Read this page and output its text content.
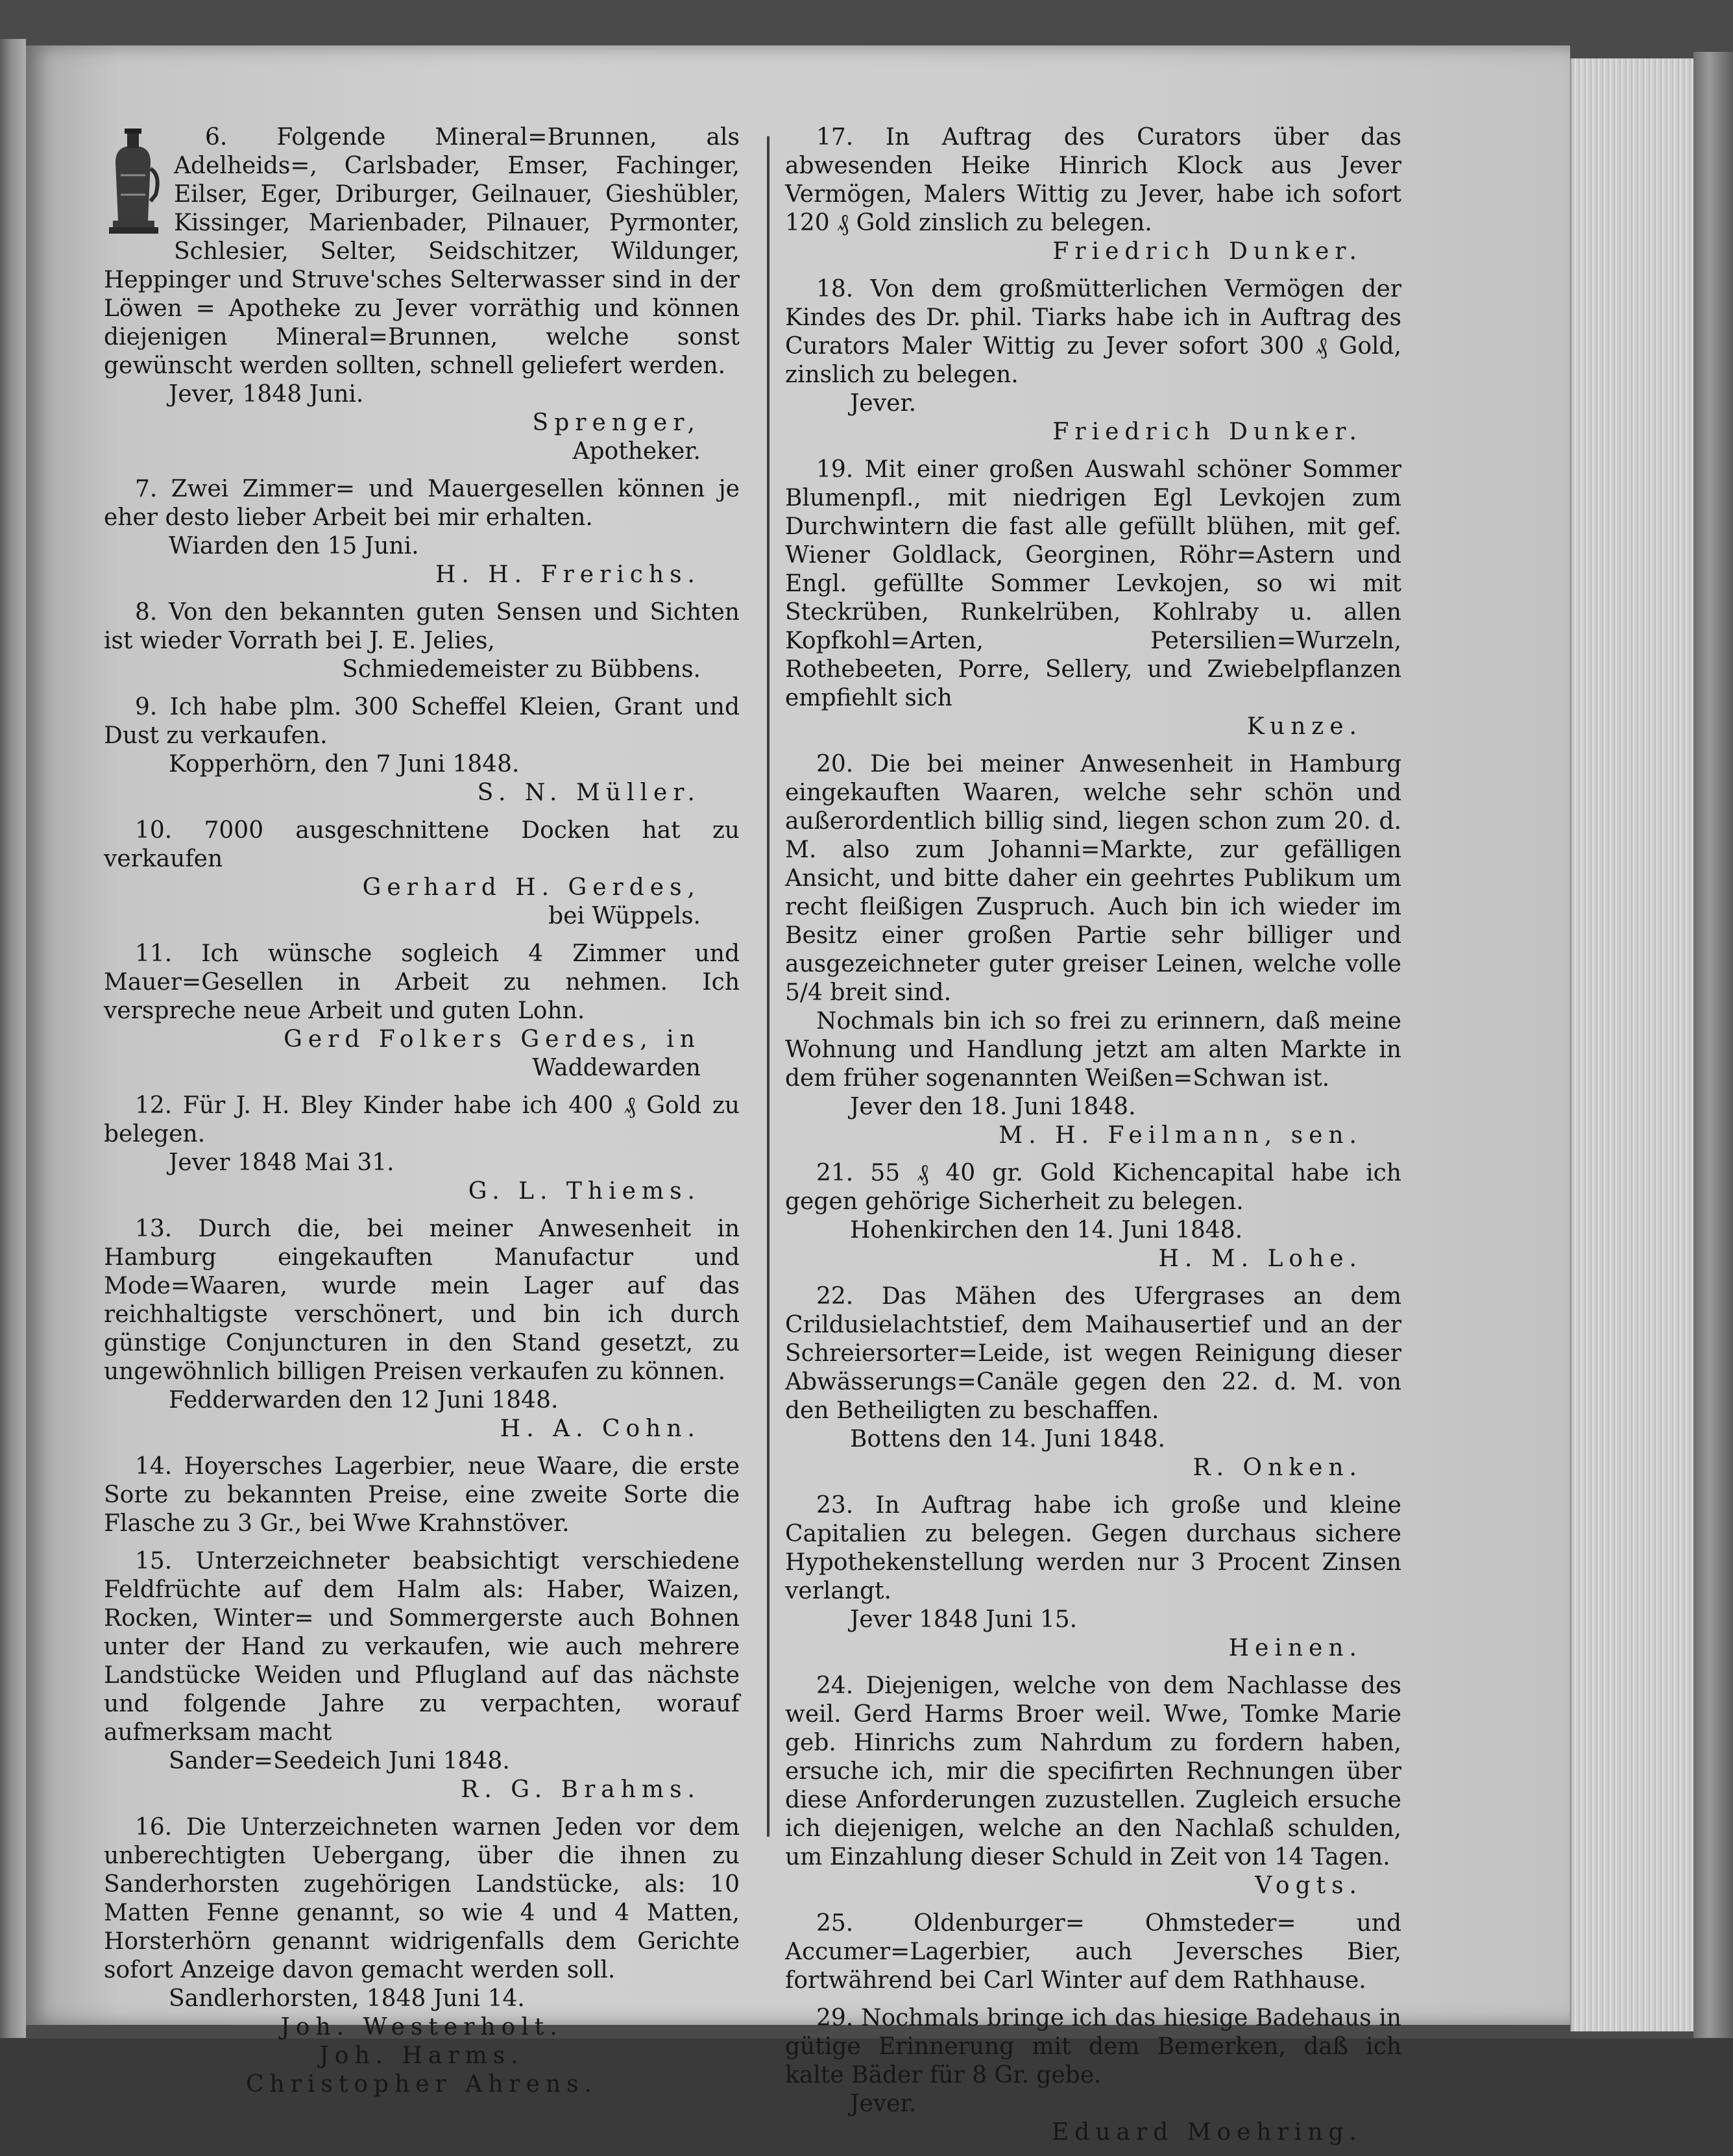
6. Folgende Mineral=Brunnen, als Adelheids=, Carlsbader, Emser, Fachinger, Eilser, Eger, Driburger, Geilnauer, Gieshübler, Kissinger, Marienbader, Pilnauer, Pyrmonter, Schlesier, Selter, Seidschitzer, Wildunger, Heppinger und Struve'sches Selterwasser sind in der Löwen = Apotheke zu Jever vorräthig und können diejenigen Mineral=Brunnen, welche sonst gewünscht werden sollten, schnell geliefert werden.

Jever, 1848 Juni.
Sprenger,
Apotheker.

7. Zwei Zimmer= und Mauergesellen können je eher desto lieber Arbeit bei mir erhalten.

Wiarden den 15 Juni.
H. H. Frerichs.

8. Von den bekannten guten Sensen und Sichten ist wieder Vorrath bei J. E. Jelies,

Schmiedemeister zu Bübbens.

9. Ich habe plm. 300 Scheffel Kleien, Grant und Dust zu verkaufen.

Kopperhörn, den 7 Juni 1848.
S. N. Müller.

10. 7000 ausgeschnittene Docken hat zu verkaufen

Gerhard H. Gerdes,
bei Wüppels.

11. Ich wünsche sogleich 4 Zimmer und Mauer=Gesellen in Arbeit zu nehmen. Ich verspreche neue Arbeit und guten Lohn.

Gerd Folkers Gerdes, in
Waddewarden

12. Für J. H. Bley Kinder habe ich 400 ₰ Gold zu belegen.

Jever 1848 Mai 31.
G. L. Thiems.

13. Durch die, bei meiner Anwesenheit in Hamburg eingekauften Manufactur und Mode=Waaren, wurde mein Lager auf das reichhaltigste verschönert, und bin ich durch günstige Conjuncturen in den Stand gesetzt, zu ungewöhnlich billigen Preisen verkaufen zu können.

Fedderwarden den 12 Juni 1848.
H. A. Cohn.

14. Hoyersches Lagerbier, neue Waare, die erste Sorte zu bekannten Preise, eine zweite Sorte die Flasche zu 3 Gr., bei Wwe Krahnstöver.

15. Unterzeichneter beabsichtigt verschiedene Feldfrüchte auf dem Halm als: Haber, Waizen, Rocken, Winter= und Sommergerste auch Bohnen unter der Hand zu verkaufen, wie auch mehrere Landstücke Weiden und Pflugland auf das nächste und folgende Jahre zu verpachten, worauf aufmerksam macht

Sander=Seedeich Juni 1848.
R. G. Brahms.

16. Die Unterzeichneten warnen Jeden vor dem unberechtigten Uebergang, über die ihnen zu Sanderhorsten zugehörigen Landstücke, als: 10 Matten Fenne genannt, so wie 4 und 4 Matten, Horsterhörn genannt widrigenfalls dem Gerichte sofort Anzeige davon gemacht werden soll.

Sandlerhorsten, 1848 Juni 14.
Joh. Westerholt.
Joh. Harms.
Christopher Ahrens.

17. In Auftrag des Curators über das abwesenden Heike Hinrich Klock aus Jever Vermögen, Malers Wittig zu Jever, habe ich sofort 120 ₰ Gold zinslich zu belegen.

Friedrich Dunker.

18. Von dem großmütterlichen Vermögen der Kindes des Dr. phil. Tiarks habe ich in Auftrag des Curators Maler Wittig zu Jever sofort 300 ₰ Gold, zinslich zu belegen.

Jever.
Friedrich Dunker.

19. Mit einer großen Auswahl schöner Sommer Blumenpfl., mit niedrigen Egl Levkojen zum Durchwintern die fast alle gefüllt blühen, mit gef. Wiener Goldlack, Georginen, Röhr=Astern und Engl. gefüllte Sommer Levkojen, so wi mit Steckrüben, Runkelrüben, Kohlraby u. allen Kopfkohl=Arten, Petersilien=Wurzeln, Rothebeeten, Porre, Sellery, und Zwiebelpflanzen empfiehlt sich

Kunze.

20. Die bei meiner Anwesenheit in Hamburg eingekauften Waaren, welche sehr schön und außerordentlich billig sind, liegen schon zum 20. d. M. also zum Johanni=Markte, zur gefälligen Ansicht, und bitte daher ein geehrtes Publikum um recht fleißigen Zuspruch. Auch bin ich wieder im Besitz einer großen Partie sehr billiger und ausgezeichneter guter greiser Leinen, welche volle 5/4 breit sind.

Nochmals bin ich so frei zu erinnern, daß meine Wohnung und Handlung jetzt am alten Markte in dem früher sogenannten Weißen=Schwan ist.

Jever den 18. Juni 1848.
M. H. Feilmann, sen.

21. 55 ₰ 40 gr. Gold Kichencapital habe ich gegen gehörige Sicherheit zu belegen.

Hohenkirchen den 14. Juni 1848.
H. M. Lohe.

22. Das Mähen des Ufergrases an dem Crildusielachtstief, dem Maihausertief und an der Schreiersorter=Leide, ist wegen Reinigung dieser Abwässerungs=Canäle gegen den 22. d. M. von den Betheiligten zu beschaffen.

Bottens den 14. Juni 1848.
R. Onken.

23. In Auftrag habe ich große und kleine Capitalien zu belegen. Gegen durchaus sichere Hypothekenstellung werden nur 3 Procent Zinsen verlangt.

Jever 1848 Juni 15.
Heinen.

24. Diejenigen, welche von dem Nachlasse des weil. Gerd Harms Broer weil. Wwe, Tomke Marie geb. Hinrichs zum Nahrdum zu fordern haben, ersuche ich, mir die specifirten Rechnungen über diese Anforderungen zuzustellen. Zugleich ersuche ich diejenigen, welche an den Nachlaß schulden, um Einzahlung dieser Schuld in Zeit von 14 Tagen.

Vogts.

25. Oldenburger= Ohmsteder= und Accumer=Lagerbier, auch Jeversches Bier, fortwährend bei Carl Winter auf dem Rathhause.

29. Nochmals bringe ich das hiesige Badehaus in gütige Erinnerung mit dem Bemerken, daß ich kalte Bäder für 8 Gr. gebe.

Jever.
Eduard Moehring.
